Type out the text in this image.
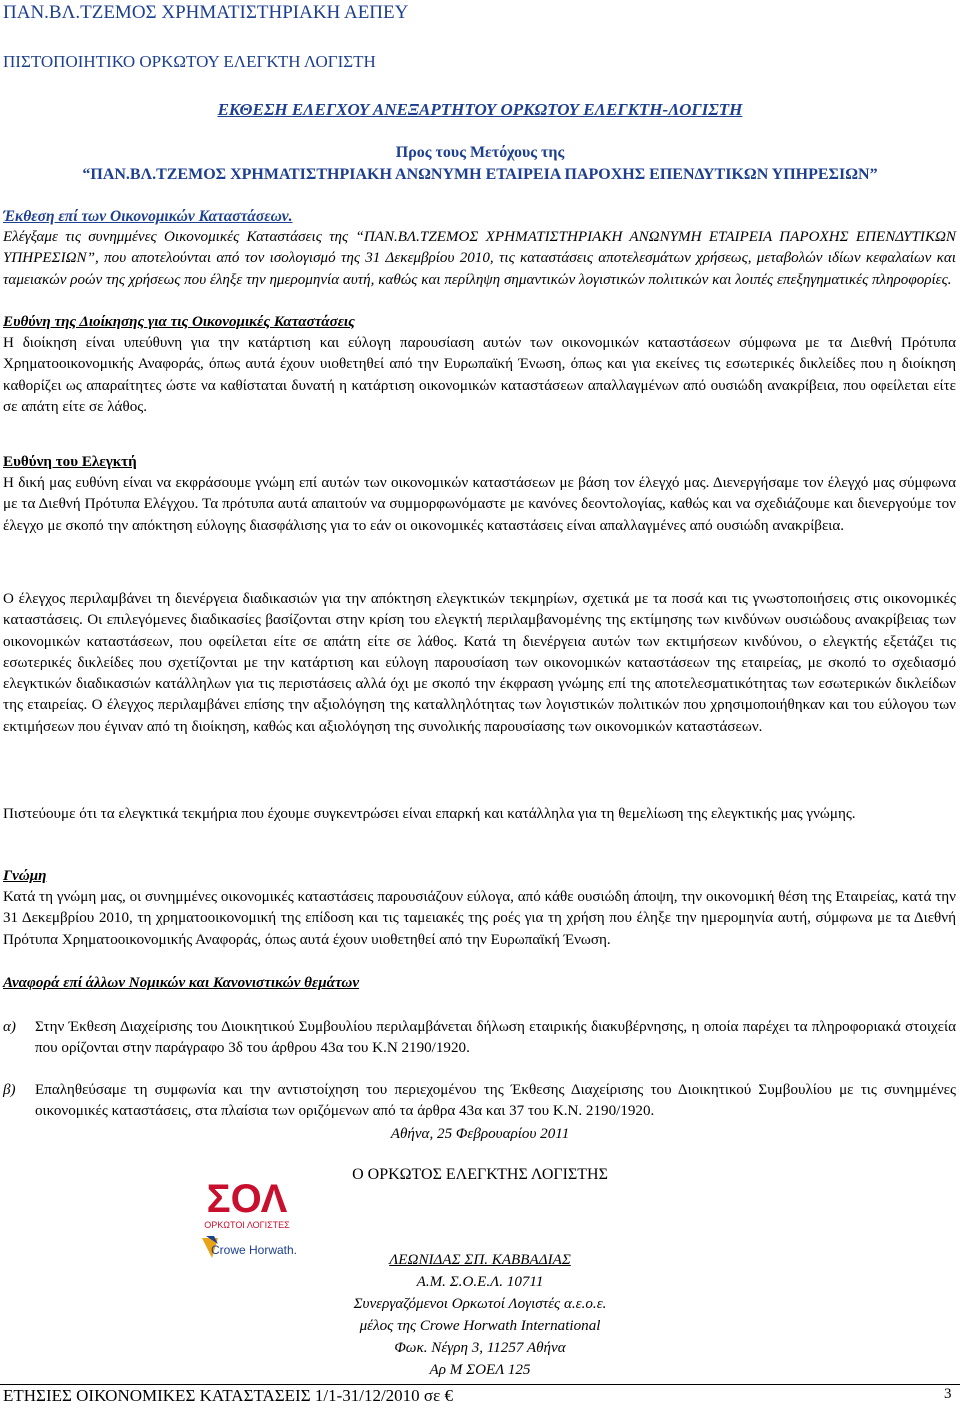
ΠΑΝ.ΒΛ.ΤΖΕΜΟΣ ΧΡΗΜΑΤΙΣΤΗΡΙΑΚΗ ΑΕΠΕΥ
ΠΙΣΤΟΠΟΙΗΤΙΚΟ ΟΡΚΩΤΟΥ ΕΛΕΓΚΤΗ ΛΟΓΙΣΤΗ
ΕΚΘΕΣΗ ΕΛΕΓΧΟΥ ΑΝΕΞΑΡΤΗΤΟΥ ΟΡΚΩΤΟΥ ΕΛΕΓΚΤΗ-ΛΟΓΙΣΤΗ
Προς τους Μετόχους της
“ΠΑΝ.ΒΛ.ΤΖΕΜΟΣ ΧΡΗΜΑΤΙΣΤΗΡΙΑΚΗ ΑΝΩΝΥΜΗ ΕΤΑΙΡΕΙΑ ΠΑΡΟΧΗΣ ΕΠΕΝΔΥΤΙΚΩΝ ΥΠΗΡΕΣΙΩΝ”
Έκθεση επί των Οικονομικών Καταστάσεων.
Ελέγξαμε τις συνημμένες Οικονομικές Καταστάσεις της “ΠΑΝ.ΒΛ.ΤΖΕΜΟΣ ΧΡΗΜΑΤΙΣΤΗΡΙΑΚΗ ΑΝΩΝΥΜΗ ΕΤΑΙΡΕΙΑ ΠΑΡΟΧΗΣ ΕΠΕΝΔΥΤΙΚΩΝ ΥΠΗΡΕΣΙΩΝ”, που αποτελούνται από τον ισολογισμό της 31 Δεκεμβρίου 2010, τις καταστάσεις αποτελεσμάτων χρήσεως, μεταβολών ιδίων κεφαλαίων και ταμειακών ροών της χρήσεως που έληξε την ημερομηνία αυτή, καθώς και περίληψη σημαντικών λογιστικών πολιτικών και λοιπές επεξηγηματικές πληροφορίες.
Ευθύνη της Διοίκησης για τις Οικονομικές Καταστάσεις
Η διοίκηση είναι υπεύθυνη για την κατάρτιση και εύλογη παρουσίαση αυτών των οικονομικών καταστάσεων σύμφωνα με τα Διεθνή Πρότυπα Χρηματοοικονομικής Αναφοράς, όπως αυτά έχουν υιοθετηθεί από την Ευρωπαϊκή Ένωση, όπως και για εκείνες τις εσωτερικές δικλείδες που η διοίκηση καθορίζει ως απαραίτητες ώστε να καθίσταται δυνατή η κατάρτιση οικονομικών καταστάσεων απαλλαγμένων από ουσιώδη ανακρίβεια, που οφείλεται είτε σε απάτη είτε σε λάθος.
Ευθύνη του Ελεγκτή
Η δική μας ευθύνη είναι να εκφράσουμε γνώμη επί αυτών των οικονομικών καταστάσεων με βάση τον έλεγχό μας. Διενεργήσαμε τον έλεγχό μας σύμφωνα με τα Διεθνή Πρότυπα Ελέγχου. Τα πρότυπα αυτά απαιτούν να συμμορφωνόμαστε με κανόνες δεοντολογίας, καθώς και να σχεδιάζουμε και διενεργούμε τον έλεγχο με σκοπό την απόκτηση εύλογης διασφάλισης για το εάν οι οικονομικές καταστάσεις είναι απαλλαγμένες από ουσιώδη ανακρίβεια.
Ο έλεγχος περιλαμβάνει τη διενέργεια διαδικασιών για την απόκτηση ελεγκτικών τεκμηρίων, σχετικά με τα ποσά και τις γνωστοποιήσεις στις οικονομικές καταστάσεις. Οι επιλεγόμενες διαδικασίες βασίζονται στην κρίση του ελεγκτή περιλαμβανομένης της εκτίμησης των κινδύνων ουσιώδους ανακρίβειας των οικονομικών καταστάσεων, που οφείλεται είτε σε απάτη είτε σε λάθος. Κατά τη διενέργεια αυτών των εκτιμήσεων κινδύνου, ο ελεγκτής εξετάζει τις εσωτερικές δικλείδες που σχετίζονται με την κατάρτιση και εύλογη παρουσίαση των οικονομικών καταστάσεων της εταιρείας, με σκοπό το σχεδιασμό ελεγκτικών διαδικασιών κατάλληλων για τις περιστάσεις αλλά όχι με σκοπό την έκφραση γνώμης επί της αποτελεσματικότητας των εσωτερικών δικλείδων της εταιρείας. Ο έλεγχος περιλαμβάνει επίσης την αξιολόγηση της καταλληλότητας των λογιστικών πολιτικών που χρησιμοποιήθηκαν και του εύλογου των εκτιμήσεων που έγιναν από τη διοίκηση, καθώς και αξιολόγηση της συνολικής παρουσίασης των οικονομικών καταστάσεων.
Πιστεύουμε ότι τα ελεγκτικά τεκμήρια που έχουμε συγκεντρώσει είναι επαρκή και κατάλληλα για τη θεμελίωση της ελεγκτικής μας γνώμης.
Γνώμη
Κατά τη γνώμη μας, οι συνημμένες οικονομικές καταστάσεις παρουσιάζουν εύλογα, από κάθε ουσιώδη άποψη, την οικονομική θέση της Εταιρείας, κατά την 31 Δεκεμβρίου 2010, τη χρηματοοικονομική της επίδοση και τις ταμειακές της ροές για τη χρήση που έληξε την ημερομηνία αυτή, σύμφωνα με τα Διεθνή Πρότυπα Χρηματοοικονομικής Αναφοράς, όπως αυτά έχουν υιοθετηθεί από την Ευρωπαϊκή Ένωση.
Αναφορά επί άλλων Νομικών και Κανονιστικών θεμάτων
α) Στην Έκθεση Διαχείρισης του Διοικητικού Συμβουλίου περιλαμβάνεται δήλωση εταιρικής διακυβέρνησης, η οποία παρέχει τα πληροφοριακά στοιχεία που ορίζονται στην παράγραφο 3δ του άρθρου 43α του Κ.Ν 2190/1920.
β) Επαληθεύσαμε τη συμφωνία και την αντιστοίχηση του περιεχομένου της Έκθεσης Διαχείρισης του Διοικητικού Συμβουλίου με τις συνημμένες οικονομικές καταστάσεις, στα πλαίσια των οριζόμενων από τα άρθρα 43α και 37 του Κ.Ν. 2190/1920.
Αθήνα, 25 Φεβρουαρίου 2011
Ο ΟΡΚΩΤΟΣ ΕΛΕΓΚΤΗΣ ΛΟΓΙΣΤΗΣ
ΣΟΛ
ΟΡΚΩΤΟΙ ΛΟΓΙΣΤΕΣ
Crowe Horwath.
ΛΕΩΝΙΔΑΣ ΣΠ. ΚΑΒΒΑΔΙΑΣ
Α.Μ. Σ.Ο.Ε.Λ. 10711
Συνεργαζόμενοι Ορκωτοί Λογιστές α.ε.ο.ε.
μέλος της Crowe Horwath International
Φωκ. Νέγρη 3, 11257 Αθήνα
Αρ Μ ΣΟΕΛ 125
ΕΤΗΣΙΕΣ ΟΙΚΟΝΟΜΙΚΕΣ ΚΑΤΑΣΤΑΣΕΙΣ 1/1-31/12/2010 σε €	3
